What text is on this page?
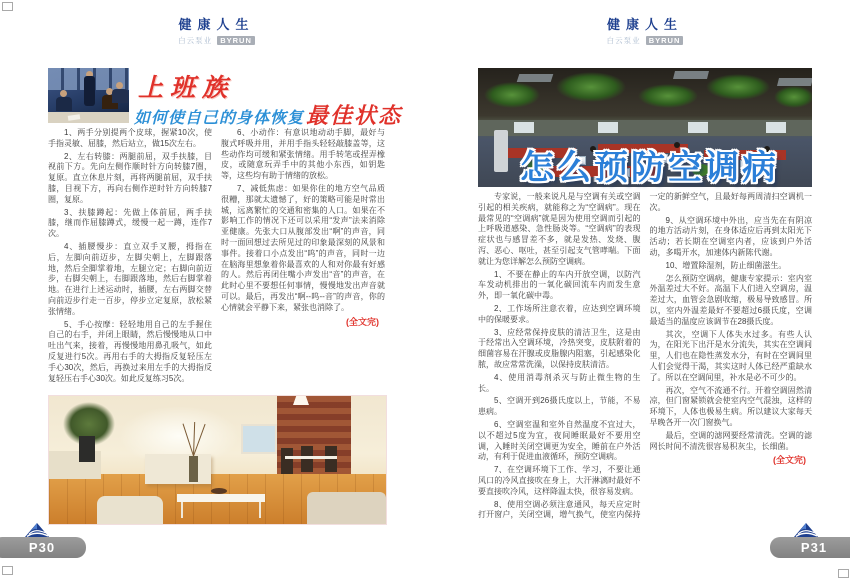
健康人生
白云泵业 BYRUN
上班族
如何使自己的身体恢复最佳状态

1、两手分别提两个皮球，握紧10次，使手指灵敏、屈膝，然后站立，做15次左右。

2、左右转膝：两腿前屈，双手扶膝，目视前下方。先向左侧作顺时针方向转膝7圈，复原。直立休息片刻，再将两腿前屈，双手扶膝，目视下方，再向右侧作逆时针方向转膝7圈，复原。

3、扶膝蹲起：先做上体前屈，两手扶膝，继而作屈膝蹲式，缓慢一起一蹲，连作7次。

4、插腰慢步：直立双手叉腰，拇指在后，左脚向前迈步，左脚尖朝上，左脚跟落地，然后全脚掌着地，左腿立定；右脚向前迈步，右脚尖朝上，右脚跟落地，然后右脚掌着地。在进行上述运动时，插腰，左右两脚交替向前迈步行走一百步，停步立定复原，放松紧张情绪。

5、手心按摩：轻轻地用自己的左手握住自己的右手，并闭上眼睛，然后慢慢地从口中吐出气来，接着，再慢慢地用鼻孔吸气，如此反复进行5次。再用右手的大拇指反复轻压左手心30次，然后，再换过来用左手的大拇指反复轻压右手心30次。如此反复练习5次。

6、小动作：有意识地动动手脚，最好与腹式呼吸并用，并用手指头轻轻敲膝盖等，这些动作均可缓和紧张情绪。用手转笔或捏弄橡皮，或随意玩弄手中的其他小东西，如钥匙等，这些均有助于情绪的放松。

7、减低焦虑：如果你住的地方空气品质很糟，那就太遗憾了，好的策略可能是时常出城，远离繁忙的交通和密集的人口。如果在不影响工作的情况下还可以采用“发声”法来消除亚健康。先张大口从腹部发出“啊”的声音，同时一面回想过去所见过的印象最深刻的风景和事件。接着口小点发出“呜”的声音，同时一边在脑海里想象着你最喜欢的人和对你最有好感的人。然后再闭住嘴小声发出“音”的声音，在此时心里不要想任何事情，慢慢地发出声音就可以。最后，再发出“啊--呜--音”的声音，你的心情就会平静下来，紧张也消除了。

(全文完)
P30
健康人生
白云泵业 BYRUN
怎么预防空调病

专家说，一般来说凡是与空调有关或空调引起的相关疾病，就能称之为“空调病”。现在最常见的“空调病”就是因为使用空调而引起的上呼吸道感染、急性肠炎等。“空调病”的表现症状也与感冒差不多，就是发热、发烧、腹泻、恶心、呕吐，甚至引起支气管哮喘。下面就让为您详解怎么预防空调病。

1、不要在静止的车内开放空调，以防汽车发动机排出的一氧化碳回流车内而发生意外，即一氧化碳中毒。

2、工作场所注意衣着，应达到空调环境中的保暖要求。

3、应经常保持皮肤的清洁卫生，这是由于经常出入空调环境，冷热突变，皮肤附着的细菌容易在汗腺或皮脂腺内阻塞，引起感染化脓，故应常常洗澡，以保持皮肤清洁。

4、使用消毒剂杀灭与防止微生物的生长。

5、空调开到26摄氏度以上，节能，不易患病。

6、空调室温和室外自然温度不宜过大，以不超过5度为宜，夜间睡眠最好不要用空调，入睡时关闭空调更为安全，睡前在户外活动，有利于促进血液循环，预防空调病。

7、在空调环境下工作、学习，不要让通风口的冷风直接吹在身上，大汗淋漓时最好不要直接吹冷风，这样降温太快，很容易发病。

8、使用空调必须注意通风，每天应定时打开窗户，关闭空调，增气换气，使室内保持一定的新鲜空气，且最好每两周清扫空调机一次。

9、从空调环境中外出，应当先在有阴凉的地方活动片刻，在身体适应后再到太阳光下活动；若长期在空调室内者，应该到户外活动，多喝开水，加速体内新陈代谢。

10、增置除湿剂，防止细菌滋生。

怎么预防空调病，健康专家提示：室内室外温差过大不好。高温下人们进入空调房，温差过大，血管会急剧收缩，极易导致感冒。所以，室内外温差最好不要超过6摄氏度，空调最适当的温度应该调节在28摄氏度。

其次，空调下人体失水过多。有些人认为，在阳光下出汗是水分流失，其实在空调间里，人们也在隐性蒸发水分，有时在空调间里人们会觉得干渴，其实这时人体已经严重缺水了。所以在空调间里，补水是必不可少的。

再次，空气不流通不行。开着空调固然清凉，但门窗紧锁就会使室内空气混浊，这样的环境下，人体也极易生病。所以建议大家每天早晚各开一次门窗换气。

最后，空调的滤网要经常清洗。空调的滤网长时间不清洗很容易积灰尘，长细菌。

(全文完)
P31
